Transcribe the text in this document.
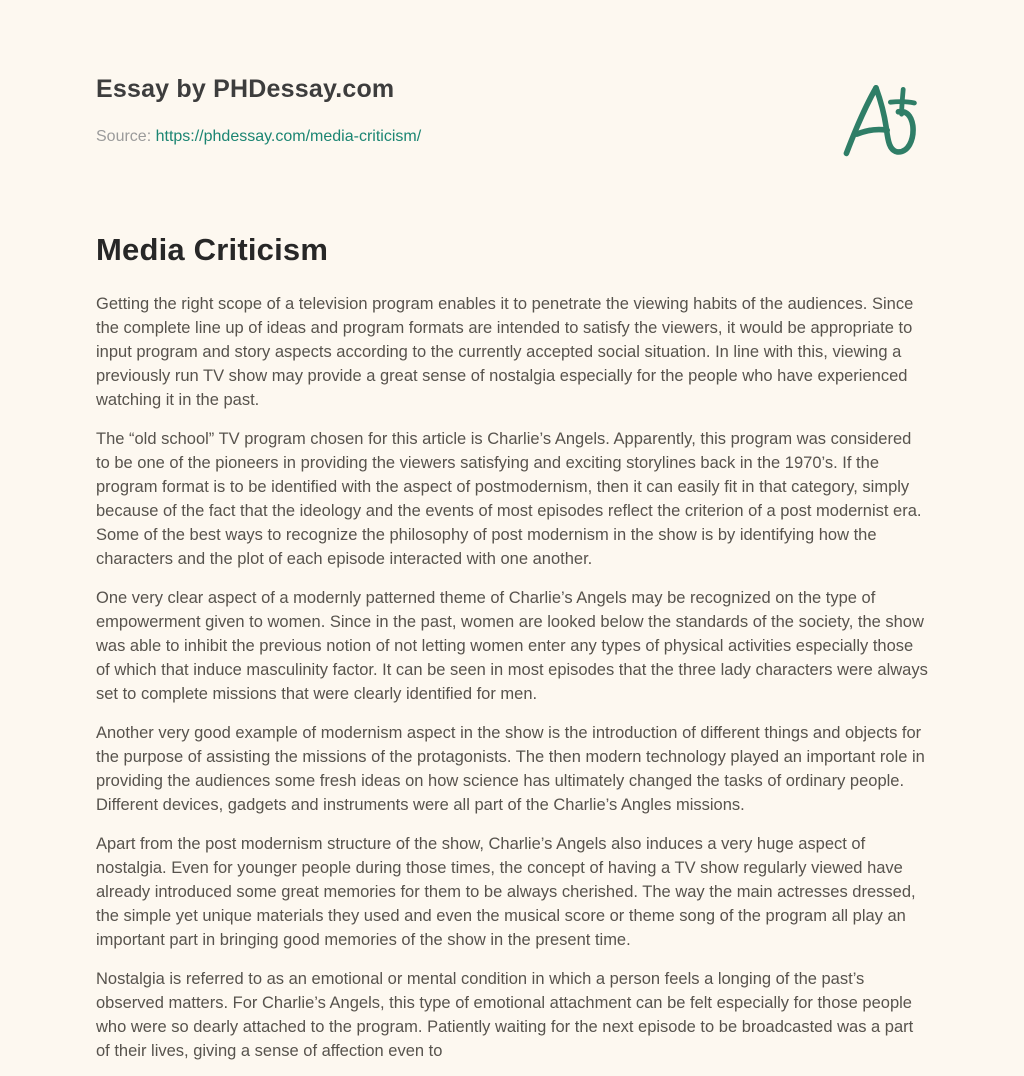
Essay by PHDessay.com
Source: https://phdessay.com/media-criticism/
Media Criticism

Getting the right scope of a television program enables it to penetrate the viewing habits of the audiences. Since the complete line up of ideas and program formats are intended to satisfy the viewers, it would be appropriate to input program and story aspects according to the currently accepted social situation. In line with this, viewing a previously run TV show may provide a great sense of nostalgia especially for the people who have experienced watching it in the past.

The “old school” TV program chosen for this article is Charlie’s Angels. Apparently, this program was considered to be one of the pioneers in providing the viewers satisfying and exciting storylines back in the 1970’s. If the program format is to be identified with the aspect of postmodernism, then it can easily fit in that category, simply because of the fact that the ideology and the events of most episodes reflect the criterion of a post modernist era. Some of the best ways to recognize the philosophy of post modernism in the show is by identifying how the characters and the plot of each episode interacted with one another.

One very clear aspect of a modernly patterned theme of Charlie’s Angels may be recognized on the type of empowerment given to women. Since in the past, women are looked below the standards of the society, the show was able to inhibit the previous notion of not letting women enter any types of physical activities especially those of which that induce masculinity factor. It can be seen in most episodes that the three lady characters were always set to complete missions that were clearly identified for men.

Another very good example of modernism aspect in the show is the introduction of different things and objects for the purpose of assisting the missions of the protagonists. The then modern technology played an important role in providing the audiences some fresh ideas on how science has ultimately changed the tasks of ordinary people. Different devices, gadgets and instruments were all part of the Charlie’s Angles missions.

Apart from the post modernism structure of the show, Charlie’s Angels also induces a very huge aspect of nostalgia. Even for younger people during those times, the concept of having a TV show regularly viewed have already introduced some great memories for them to be always cherished. The way the main actresses dressed, the simple yet unique materials they used and even the musical score or theme song of the program all play an important part in bringing good memories of the show in the present time.

Nostalgia is referred to as an emotional or mental condition in which a person feels a longing of the past’s observed matters. For Charlie’s Angels, this type of emotional attachment can be felt especially for those people who were so dearly attached to the program. Patiently waiting for the next episode to be broadcasted was a part of their lives, giving a sense of affection even to
